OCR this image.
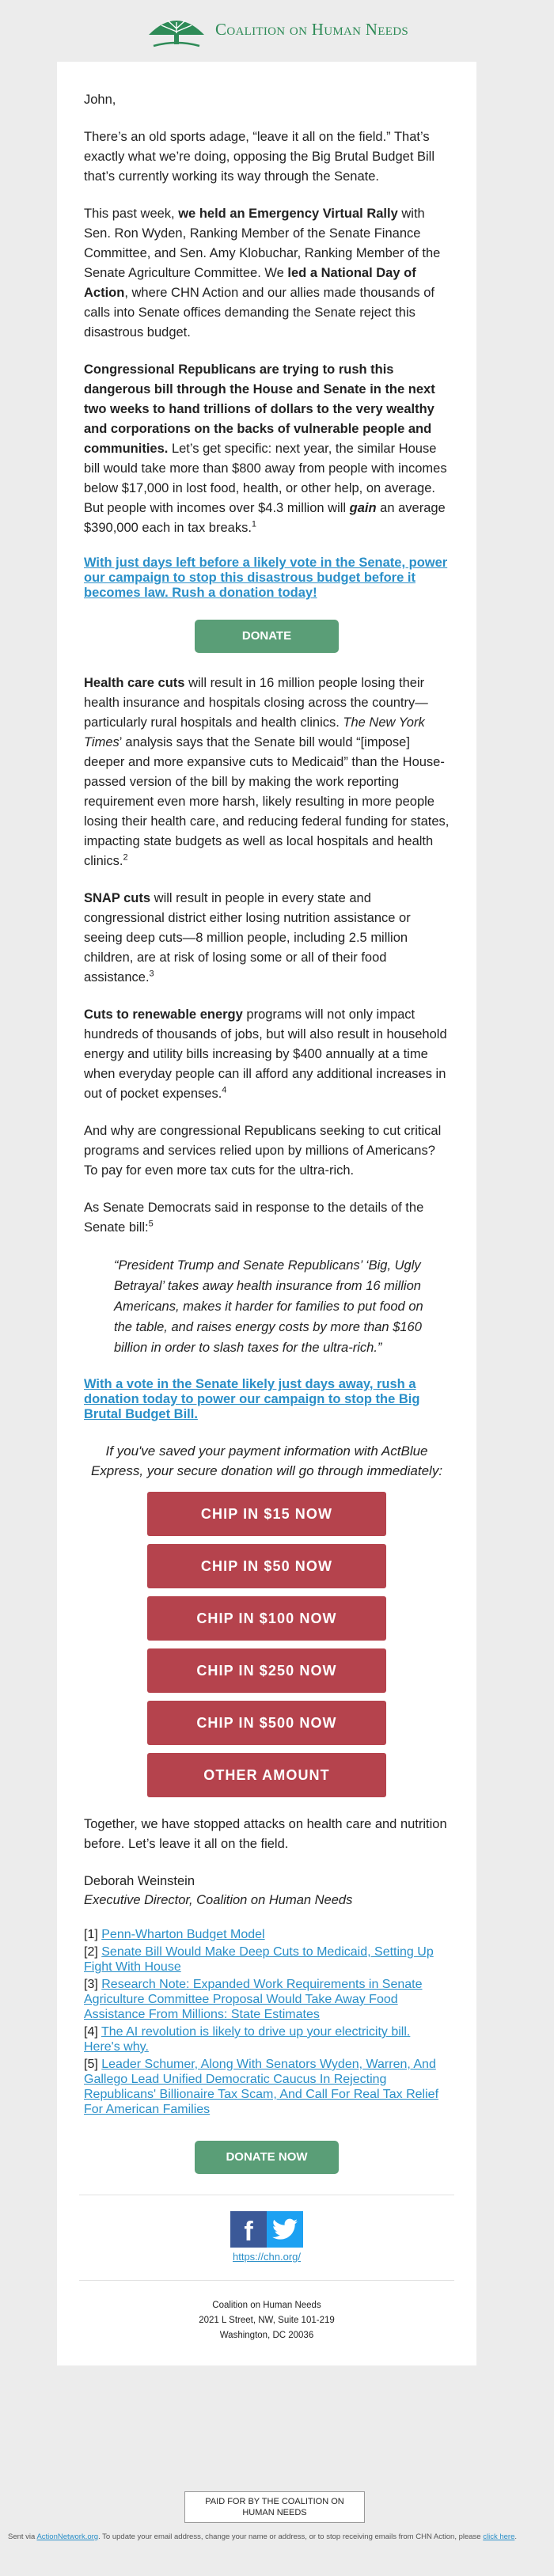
Coalition on Human Needs

John,

There’s an old sports adage, “leave it all on the field.” That’s exactly what we’re doing, opposing the Big Brutal Budget Bill that’s currently working its way through the Senate.

This past week, we held an Emergency Virtual Rally with Sen. Ron Wyden, Ranking Member of the Senate Finance Committee, and Sen. Amy Klobuchar, Ranking Member of the Senate Agriculture Committee. We led a National Day of Action, where CHN Action and our allies made thousands of calls into Senate offices demanding the Senate reject this disastrous budget.

Congressional Republicans are trying to rush this dangerous bill through the House and Senate in the next two weeks to hand trillions of dollars to the very wealthy and corporations on the backs of vulnerable people and communities. Let’s get specific: next year, the similar House bill would take more than $800 away from people with incomes below $17,000 in lost food, health, or other help, on average. But people with incomes over $4.3 million will gain an average $390,000 each in tax breaks.$^1$

With just days left before a likely vote in the Senate, power our campaign to stop this disastrous budget before it becomes law. Rush a donation today!
DONATE

Health care cuts will result in 16 million people losing their health insurance and hospitals closing across the country—particularly rural hospitals and health clinics. The New York Times’ analysis says that the Senate bill would “[impose] deeper and more expansive cuts to Medicaid” than the House-passed version of the bill by making the work reporting requirement even more harsh, likely resulting in more people losing their health care, and reducing federal funding for states, impacting state budgets as well as local hospitals and health clinics.$^2$

SNAP cuts will result in people in every state and congressional district either losing nutrition assistance or seeing deep cuts—8 million people, including 2.5 million children, are at risk of losing some or all of their food assistance.$^3$

Cuts to renewable energy programs will not only impact hundreds of thousands of jobs, but will also result in household energy and utility bills increasing by $400 annually at a time when everyday people can ill afford any additional increases in out of pocket expenses.$^4$

And why are congressional Republicans seeking to cut critical programs and services relied upon by millions of Americans? To pay for even more tax cuts for the ultra-rich.

As Senate Democrats said in response to the details of the Senate bill:$^5$

“President Trump and Senate Republicans’ ‘Big, Ugly Betrayal’ takes away health insurance from 16 million Americans, makes it harder for families to put food on the table, and raises energy costs by more than $160 billion in order to slash taxes for the ultra-rich.”

With a vote in the Senate likely just days away, rush a donation today to power our campaign to stop the Big Brutal Budget Bill.

If you've saved your payment information with ActBlue Express, your secure donation will go through immediately:

CHIP IN $15 NOW
CHIP IN $50 NOW
CHIP IN $100 NOW
CHIP IN $250 NOW
CHIP IN $500 NOW
OTHER AMOUNT

Together, we have stopped attacks on health care and nutrition before. Let’s leave it all on the field.

Deborah Weinstein
Executive Director, Coalition on Human Needs
[1] Penn-Wharton Budget Model
[2] Senate Bill Would Make Deep Cuts to Medicaid, Setting Up Fight With House
[3] Research Note: Expanded Work Requirements in Senate Agriculture Committee Proposal Would Take Away Food Assistance From Millions: State Estimates
[4] The AI revolution is likely to drive up your electricity bill. Here's why.
[5] Leader Schumer, Along With Senators Wyden, Warren, And Gallego Lead Unified Democratic Caucus In Rejecting Republicans' Billionaire Tax Scam, And Call For Real Tax Relief For American Families
DONATE NOW
f
https://chn.org/
Coalition on Human Needs
2021 L Street, NW, Suite 101-219
Washington, DC 20036
PAID FOR BY THE COALITION ON HUMAN NEEDS
Sent via ActionNetwork.org. To update your email address, change your name or address, or to stop receiving emails from CHN Action, please click here.
